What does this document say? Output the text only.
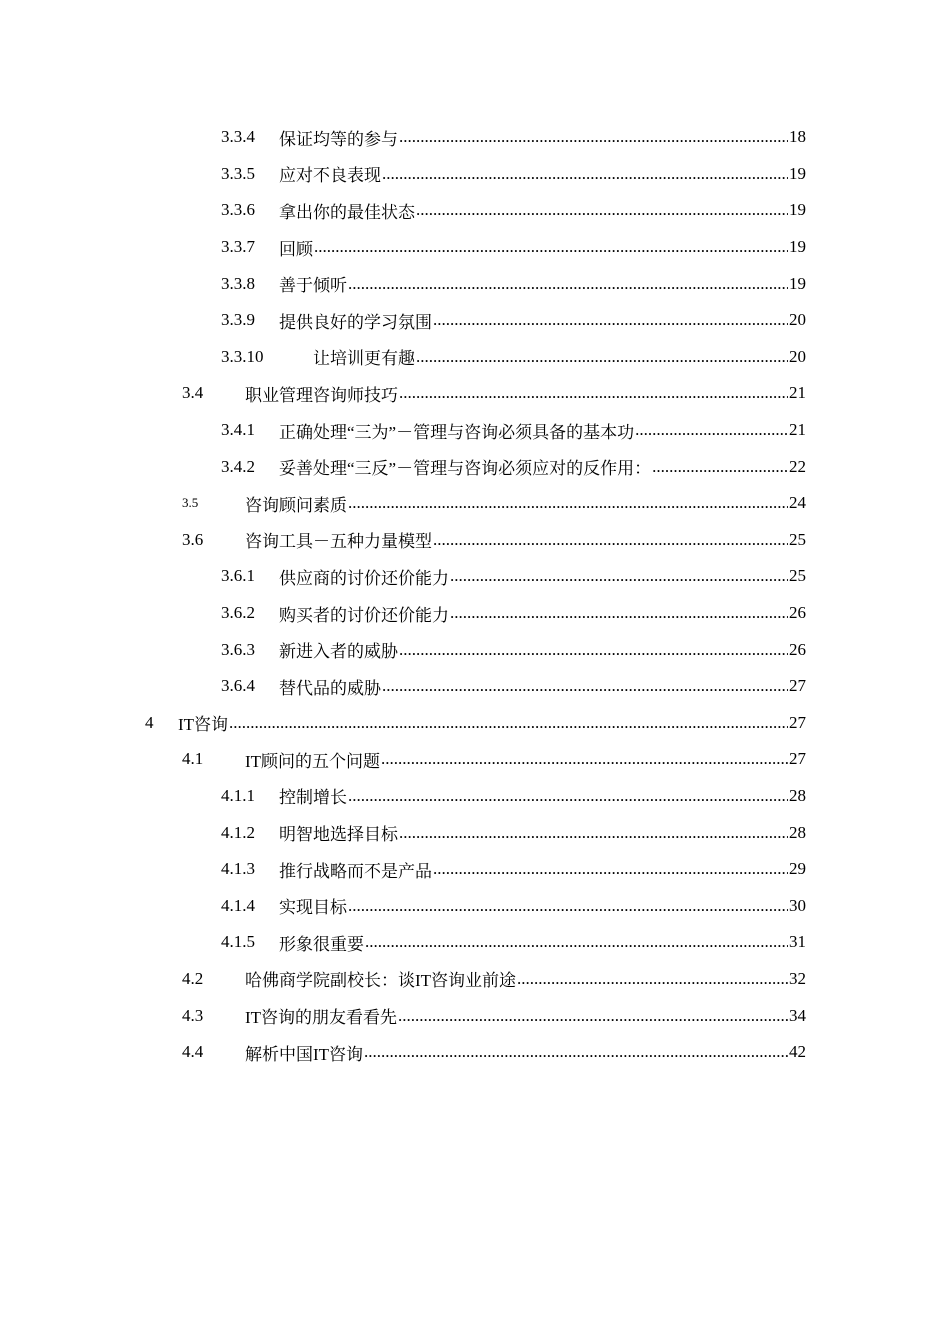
3.3.4	保证均等的参与 .....	18
3.3.5	应对不良表现 .....	19
3.3.6	拿出你的最佳状态 .....	19
3.3.7	回顾 .....	19
3.3.8	善于倾听 .....	19
3.3.9	提供良好的学习氛围 .....	20
3.3.10	让培训更有趣 .....	20
3.4	职业管理咨询师技巧 .....	21
3.4.1	正确处理“三为”－管理与咨询必须具备的基本功 .....	21
3.4.2	妥善处理“三反”－管理与咨询必须应对的反作用： .....	22
3.5	咨询顾问素质 .....	24
3.6	咨询工具－五种力量模型 .....	25
3.6.1	供应商的讨价还价能力 .....	25
3.6.2	购买者的讨价还价能力 .....	26
3.6.3	新进入者的威胁 .....	26
3.6.4	替代品的威胁 .....	27
4	IT咨询 .....	27
4.1	IT顾问的五个问题 .....	27
4.1.1	控制增长 .....	28
4.1.2	明智地选择目标 .....	28
4.1.3	推行战略而不是产品 .....	29
4.1.4	实现目标 .....	30
4.1.5	形象很重要 .....	31
4.2	哈佛商学院副校长：谈IT咨询业前途 .....	32
4.3	IT咨询的朋友看看先 .....	34
4.4	解析中国IT咨询 .....	42
